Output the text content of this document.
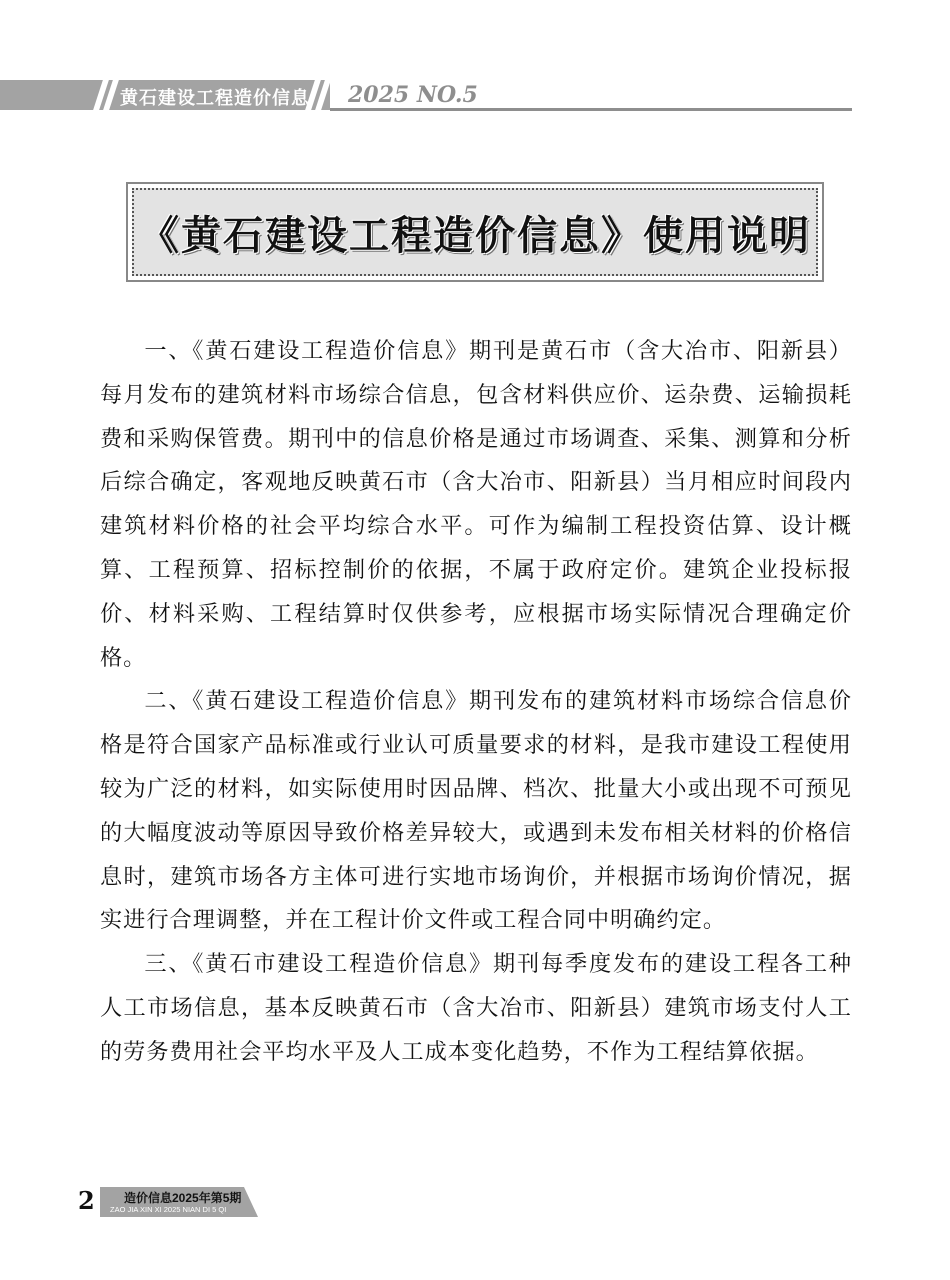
黄石建设工程造价信息 2025 NO.5
《黄石建设工程造价信息》使用说明

一、《黄石建设工程造价信息》期刊是黄石市（含大冶市、阳新县）每月发布的建筑材料市场综合信息，包含材料供应价、运杂费、运输损耗费和采购保管费。期刊中的信息价格是通过市场调查、采集、测算和分析后综合确定，客观地反映黄石市（含大冶市、阳新县）当月相应时间段内建筑材料价格的社会平均综合水平。可作为编制工程投资估算、设计概算、工程预算、招标控制价的依据，不属于政府定价。建筑企业投标报价、材料采购、工程结算时仅供参考，应根据市场实际情况合理确定价格。

二、《黄石建设工程造价信息》期刊发布的建筑材料市场综合信息价格是符合国家产品标准或行业认可质量要求的材料，是我市建设工程使用较为广泛的材料，如实际使用时因品牌、档次、批量大小或出现不可预见的大幅度波动等原因导致价格差异较大，或遇到未发布相关材料的价格信息时，建筑市场各方主体可进行实地市场询价，并根据市场询价情况，据实进行合理调整，并在工程计价文件或工程合同中明确约定。

三、《黄石市建设工程造价信息》期刊每季度发布的建设工程各工种人工市场信息，基本反映黄石市（含大冶市、阳新县）建筑市场支付人工的劳务费用社会平均水平及人工成本变化趋势，不作为工程结算依据。

2 造价信息2025年第5期
ZAO JIA XIN XI 2025 NIAN DI 5 QI
